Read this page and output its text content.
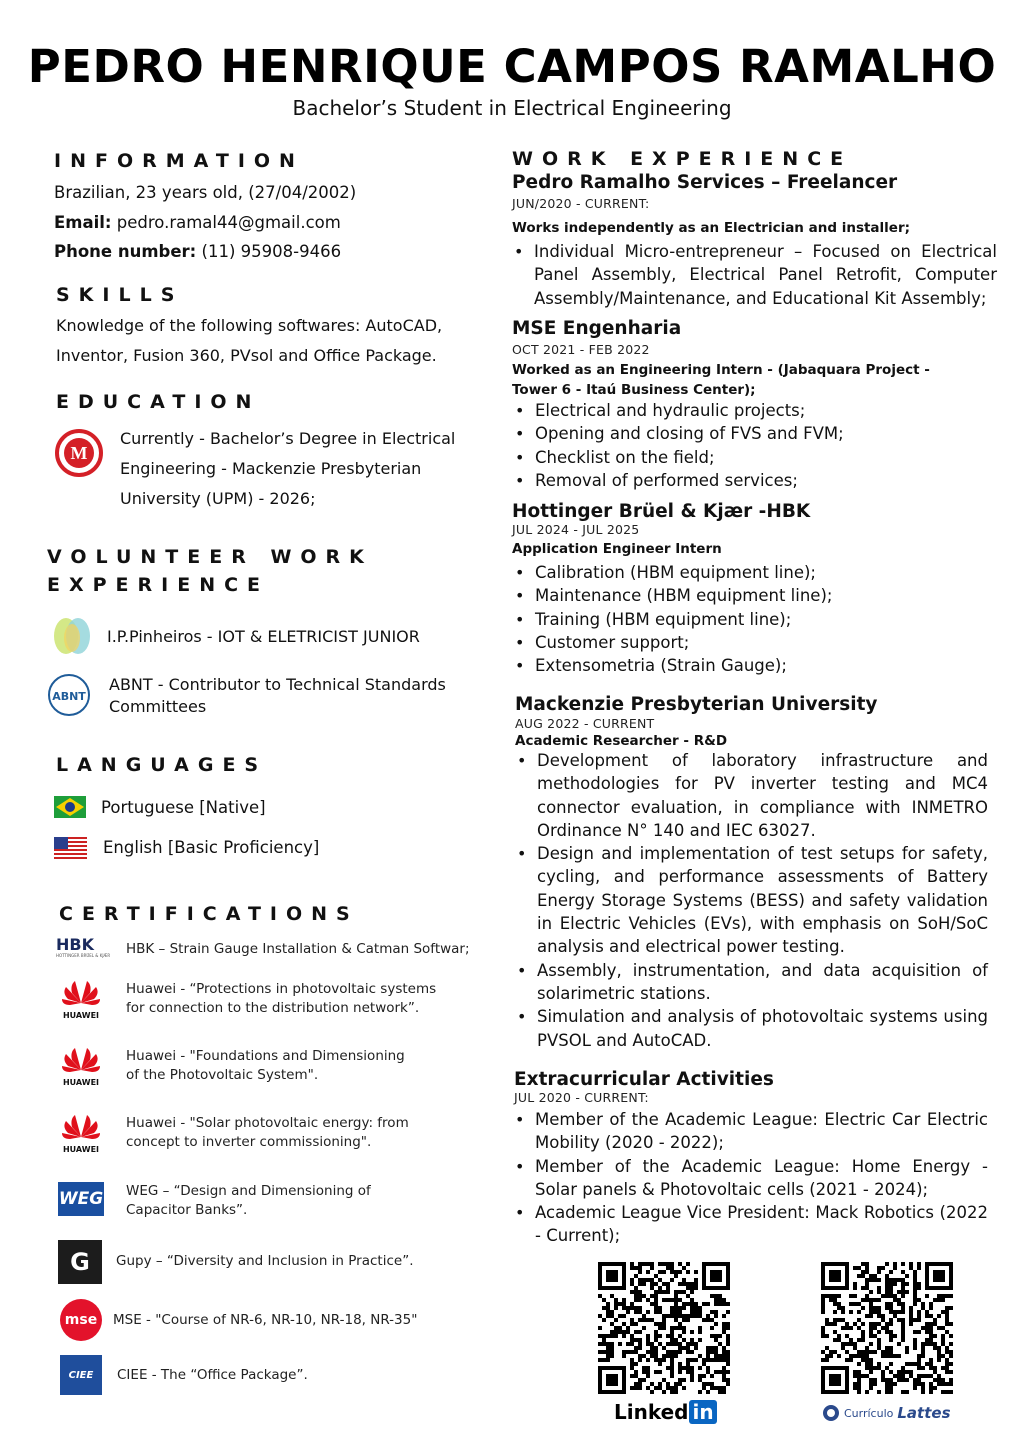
PEDRO HENRIQUE CAMPOS RAMALHO
Bachelor’s Student in Electrical Engineering
INFORMATION
Brazilian, 23 years old, (27/04/2002)
Email: pedro.ramal44@gmail.com
Phone number: (11) 95908-9466
SKILLS
Knowledge of the following softwares: AutoCAD,
Inventor, Fusion 360, PVsol and Office Package.
EDUCATION
M
Currently - Bachelor’s Degree in Electrical
Engineering - Mackenzie Presbyterian
University (UPM) - 2026;
VOLUNTEER WORK
EXPERIENCE
I.P.Pinheiros - IOT & ELETRICIST JUNIOR
ABNT
ABNT - Contributor to Technical Standards
Committees
LANGUAGES
Portuguese [Native]
English [Basic Proficiency]
CERTIFICATIONS
HBK
HOTTINGER BRÜEL & KJÆR HBK – Strain Gauge Installation & Catman Softwar;
HUAWEI
Huawei - “Protections in photovoltaic systems
for connection to the distribution network”.
HUAWEI
Huawei - "Foundations and Dimensioning
of the Photovoltaic System".
HUAWEI
Huawei - "Solar photovoltaic energy: from
concept to inverter commissioning".
WEG WEG – “Design and Dimensioning of
Capacitor Banks”.
G Gupy – “Diversity and Inclusion in Practice”.
mse MSE - "Course of NR-6, NR-10, NR-18, NR-35"
CIEE CIEE - The “Office Package”.
WORK EXPERIENCE
Pedro Ramalho Services – Freelancer
JUN/2020 - CURRENT:
Works independently as an Electrician and installer;
• Individual Micro-entrepreneur – Focused on Electrical Panel Assembly, Electrical Panel Retrofit, Computer Assembly/Maintenance, and Educational Kit Assembly;
MSE Engenharia
OCT 2021 - FEB 2022
Worked as an Engineering Intern - (Jabaquara Project -
Tower 6 - Itaú Business Center);
• Electrical and hydraulic projects;
• Opening and closing of FVS and FVM;
• Checklist on the field;
• Removal of performed services;
Hottinger Brüel & Kjær -HBK
JUL 2024 - JUL 2025
Application Engineer Intern
• Calibration (HBM equipment line);
• Maintenance (HBM equipment line);
• Training (HBM equipment line);
• Customer support;
• Extensometria (Strain Gauge);
Mackenzie Presbyterian University
AUG 2022 - CURRENT
Academic Researcher - R&D
• Development of laboratory infrastructure and methodologies for PV inverter testing and MC4 connector evaluation, in compliance with INMETRO Ordinance N° 140 and IEC 63027.
• Design and implementation of test setups for safety, cycling, and performance assessments of Battery Energy Storage Systems (BESS) and safety validation in Electric Vehicles (EVs), with emphasis on SoH/SoC analysis and electrical power testing.
• Assembly, instrumentation, and data acquisition of solarimetric stations.
• Simulation and analysis of photovoltaic systems using PVSOL and AutoCAD.
Extracurricular Activities
JUL 2020 - CURRENT:
• Member of the Academic League: Electric Car Electric Mobility (2020 - 2022);
• Member of the Academic League: Home Energy - Solar panels & Photovoltaic cells (2021 - 2024);
• Academic League Vice President: Mack Robotics (2022 - Current);
Linked in	Currículo Lattes
